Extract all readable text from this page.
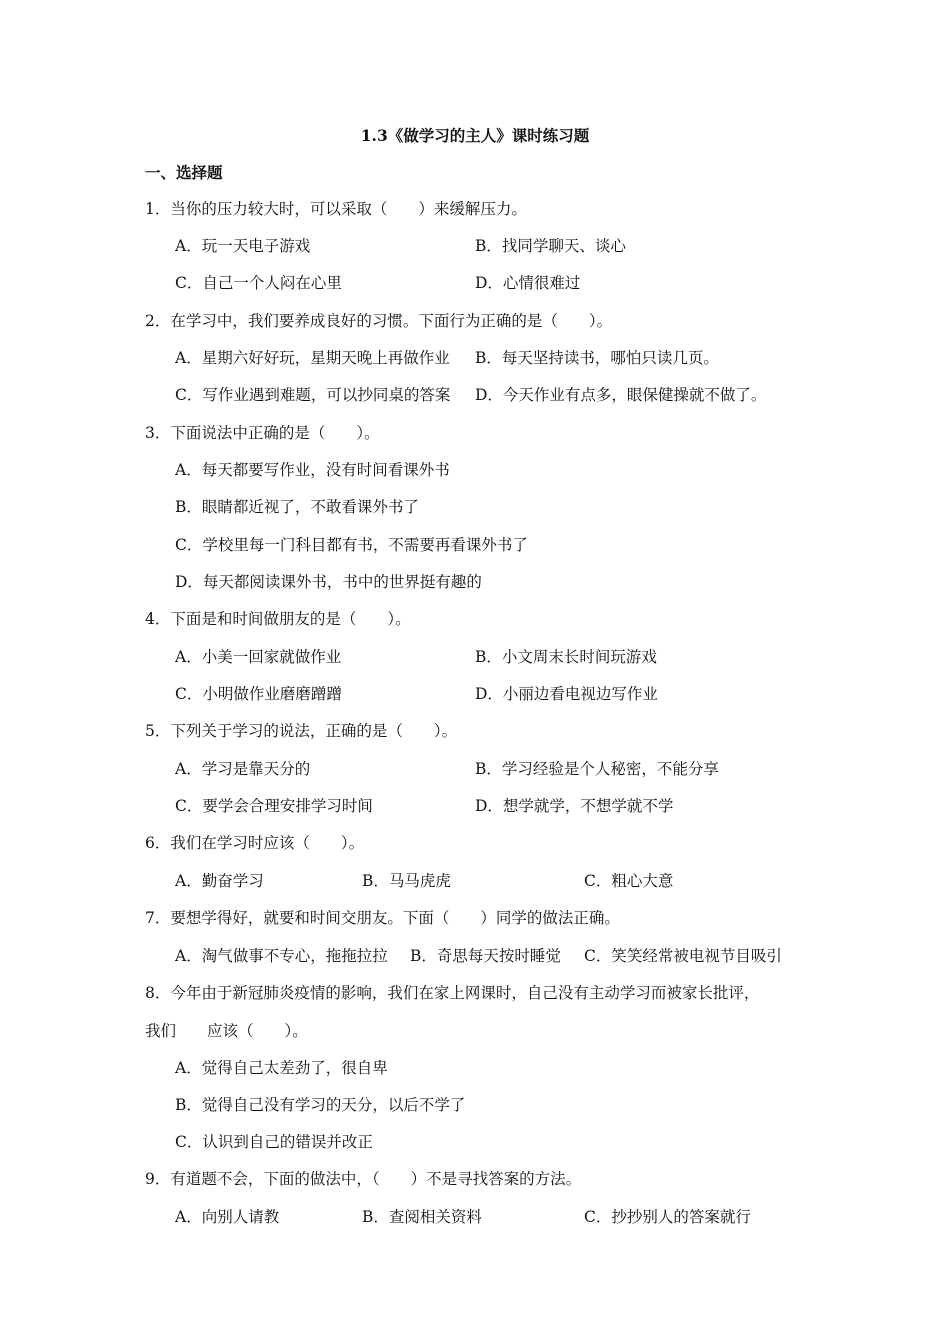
1.3《做学习的主人》课时练习题
一、选择题
1．当你的压力较大时，可以采取（　　）来缓解压力。
A．玩一天电子游戏	B．找同学聊天、谈心
C．自己一个人闷在心里	D．心情很难过
2．在学习中，我们要养成良好的习惯。下面行为正确的是（　　）。
A．星期六好好玩，星期天晚上再做作业 B．每天坚持读书，哪怕只读几页。
C．写作业遇到难题，可以抄同桌的答案 D．今天作业有点多，眼保健操就不做了。
3．下面说法中正确的是（　　）。
A．每天都要写作业，没有时间看课外书
B．眼睛都近视了，不敢看课外书了
C．学校里每一门科目都有书，不需要再看课外书了
D．每天都阅读课外书，书中的世界挺有趣的
4．下面是和时间做朋友的是（　　）。
A．小美一回家就做作业	B．小文周末长时间玩游戏
C．小明做作业磨磨蹭蹭	D．小丽边看电视边写作业
5．下列关于学习的说法，正确的是（　　）。
A．学习是靠天分的	B．学习经验是个人秘密，不能分享
C．要学会合理安排学习时间	D．想学就学，不想学就不学
6．我们在学习时应该（　　）。
A．勤奋学习	B．马马虎虎	C．粗心大意
7．要想学得好，就要和时间交朋友。下面（　　）同学的做法正确。
A．淘气做事不专心，拖拖拉拉 B．奇思每天按时睡觉 C．笑笑经常被电视节目吸引
8．今年由于新冠肺炎疫情的影响，我们在家上网课时，自己没有主动学习而被家长批评，
我们　　应该（　　）。
A．觉得自己太差劲了，很自卑
B．觉得自己没有学习的天分，以后不学了
C．认识到自己的错误并改正
9．有道题不会，下面的做法中，（　　）不是寻找答案的方法。
A．向别人请教	B．查阅相关资料	C．抄抄别人的答案就行
